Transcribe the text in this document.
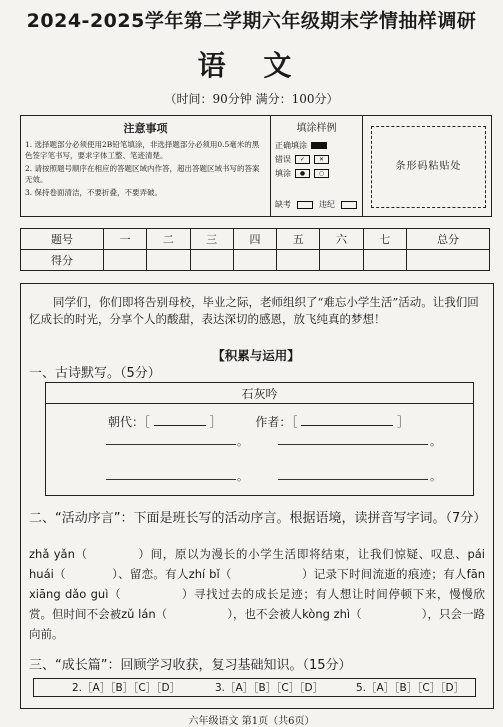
2024-2025学年第二学期六年级期末学情抽样调研
语 文
（时间：90分钟 满分：100分）
注意事项

1. 选择题部分必须使用2B铅笔填涂，非选择题部分必须用0.5毫米的黑色签字笔书写，要求字体工整、笔迹清楚。

2. 请按照题号顺序在相应的答题区域内作答，超出答题区域书写的答案无效。

3. 保持卷面清洁，不要折叠，不要弄破。

填涂样例
正确填涂
错误	✓	✕
填涂	●	○
缺考	违纪
条形码粘贴处
题号	一	二	三	四	五	六	七	总分
得分								

同学们，你们即将告别母校，毕业之际，老师组织了“难忘小学生活”活动。让我们回忆成长的时光，分享个人的酸甜，表达深切的感恩，放飞纯真的梦想！

【积累与运用】
一、古诗默写。（5分）
石灰吟
朝代：［	］	作者：［	］
。	。
。	。
二、“活动序言”：下面是班长写的活动序言。根据语境，读拼音写字词。（7分）

zhǎ yǎn（	）间，原以为漫长的小学生活即将结束，让我们惊疑、叹息、pái huái（	）、留恋。有人zhí bǐ（	）记录下时间流逝的痕迹；有人fān xiāng dǎo guì（	）寻找过去的成长足迹；有人想让时间停顿下来，慢慢欣赏。但时间不会被zǔ lán（	），也不会被人kòng zhì（	），只会一路向前。

三、“成长篇”：回顾学习收获，复习基础知识。（15分）
2.［A］［B］［C］［D］	3.［A］［B］［C］［D］	5.［A］［B］［C］［D］
六年级语文 第1页（共6页）
